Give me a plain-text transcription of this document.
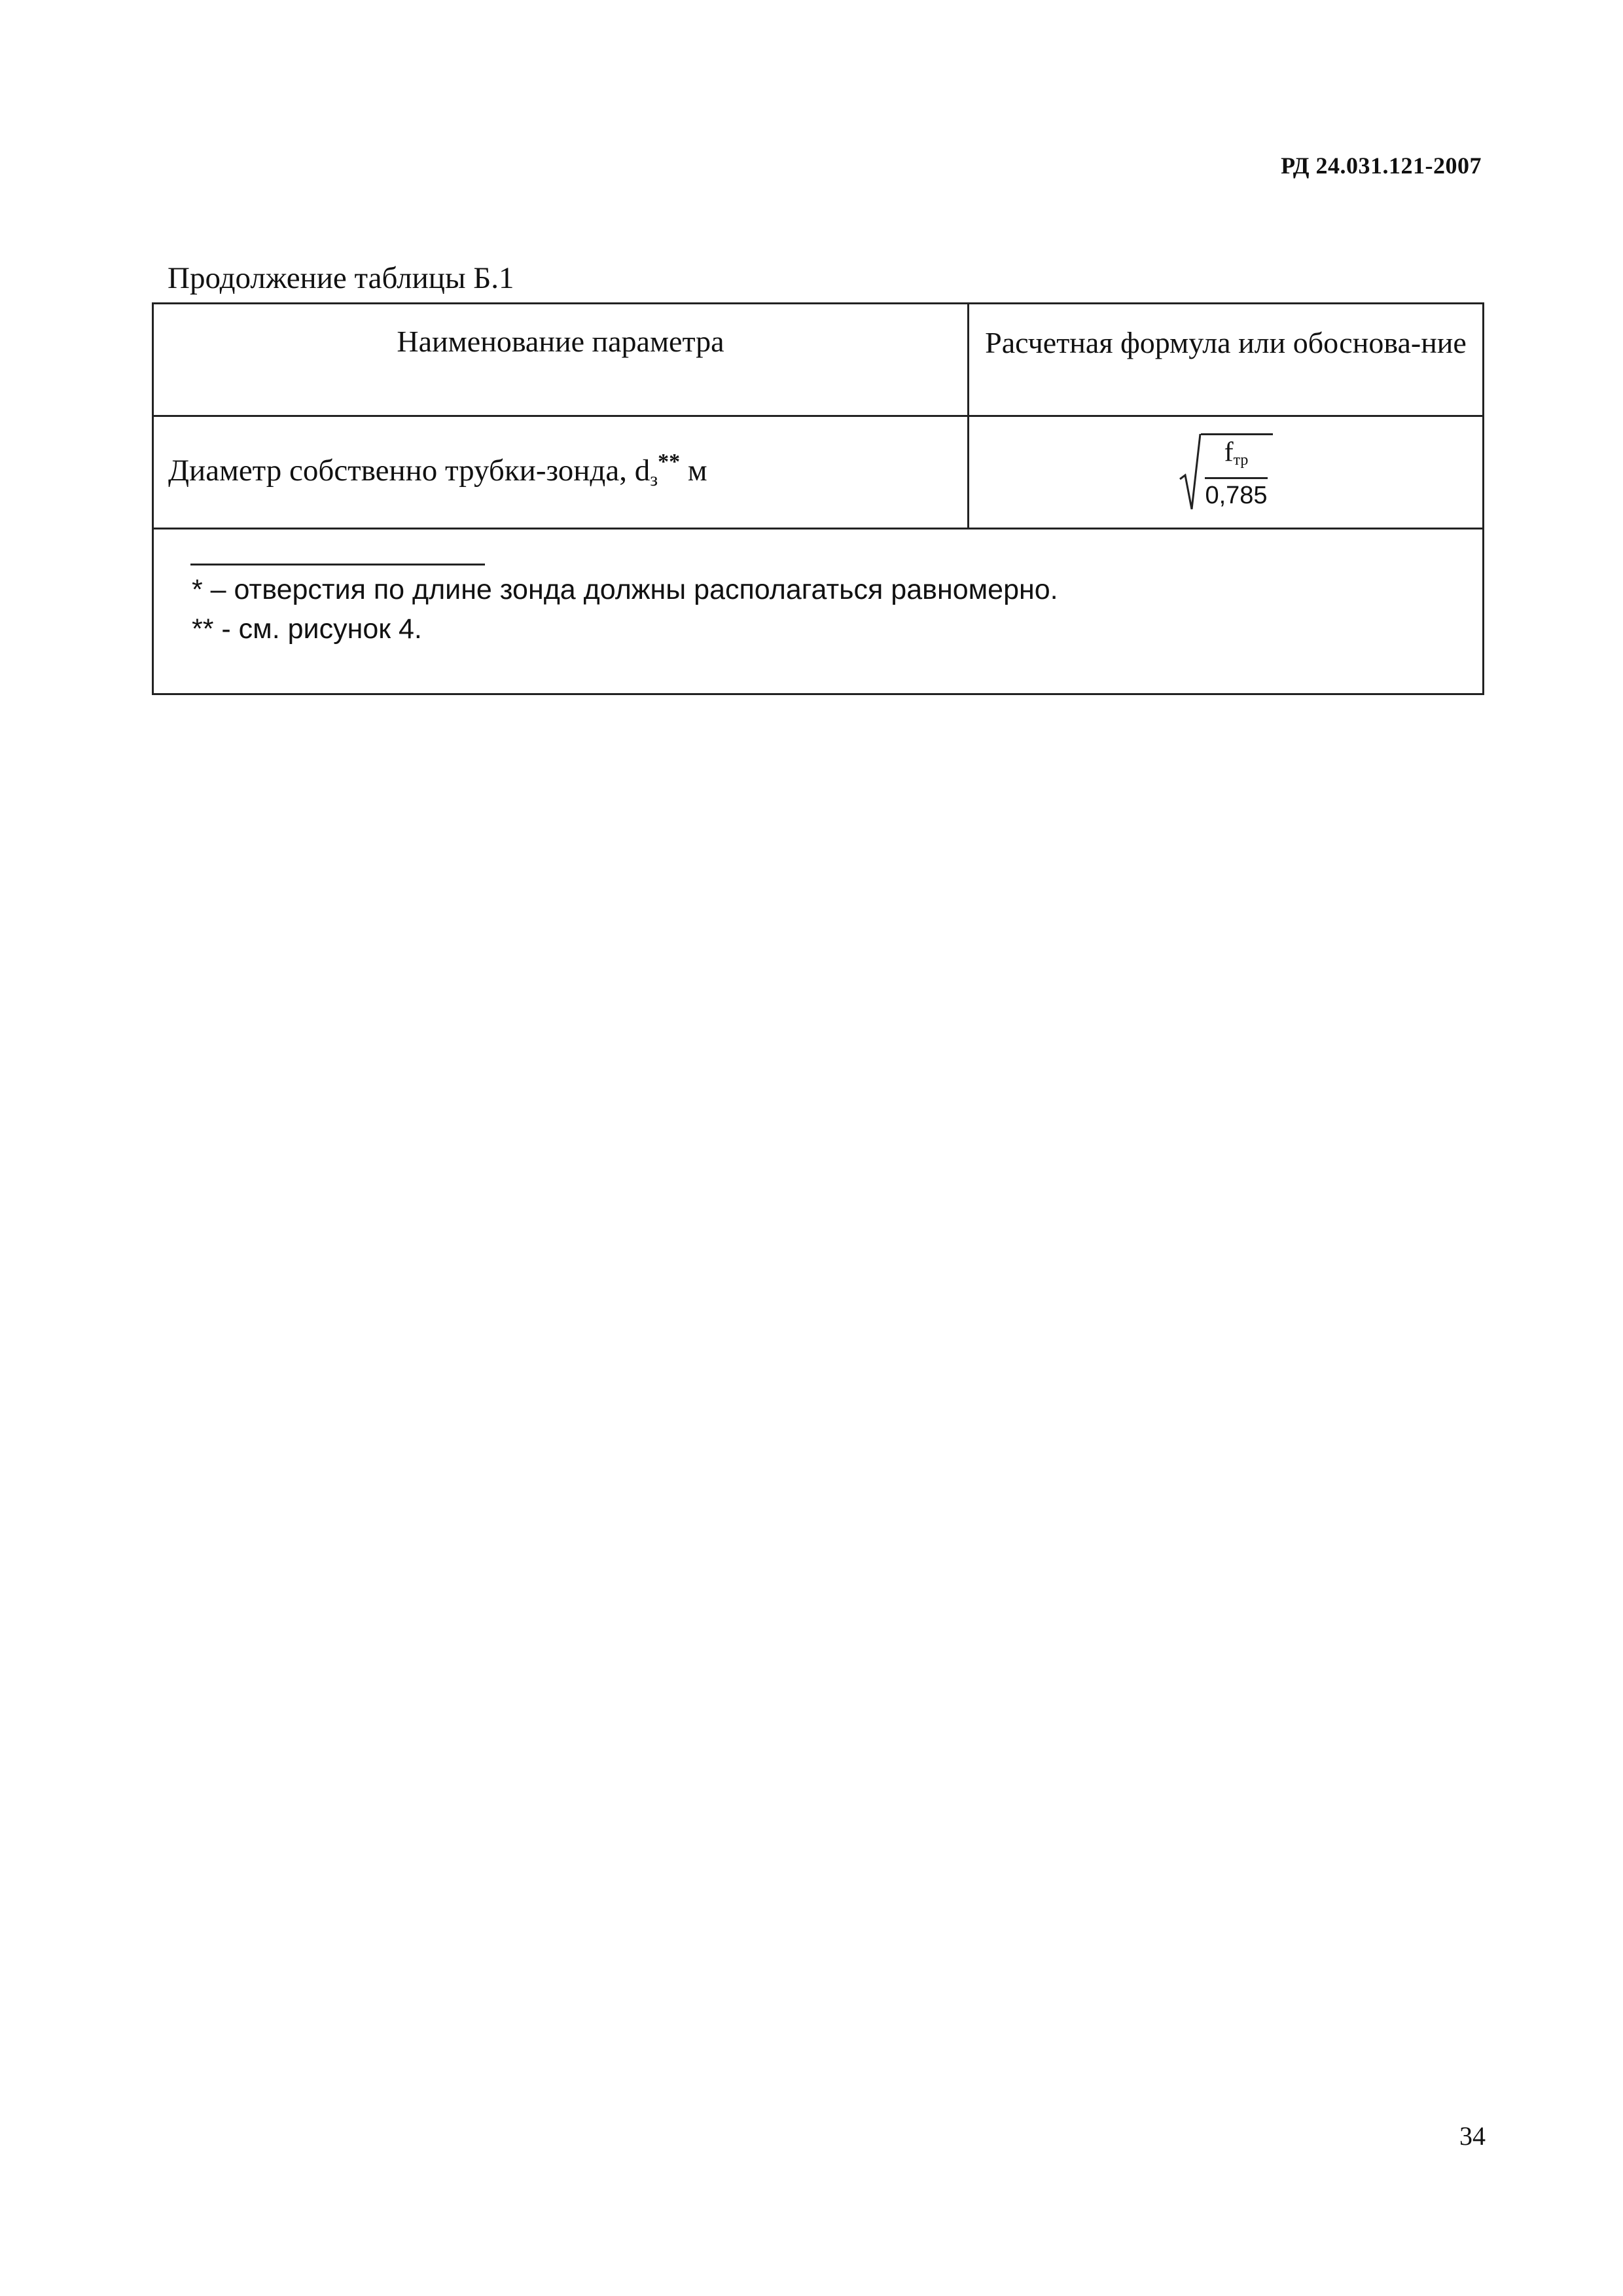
РД 24.031.121-2007
Продолжение таблицы Б.1
Наименование параметра	Расчетная формула или обоснова-ние
Диаметр собственно трубки-зонда, $d_з^{**}$ м	$\frac{\text{fтр}}{0,785}$
* – отверстия по длине зонда должны располагаться равномерно.
** - см. рисунок 4.
34
